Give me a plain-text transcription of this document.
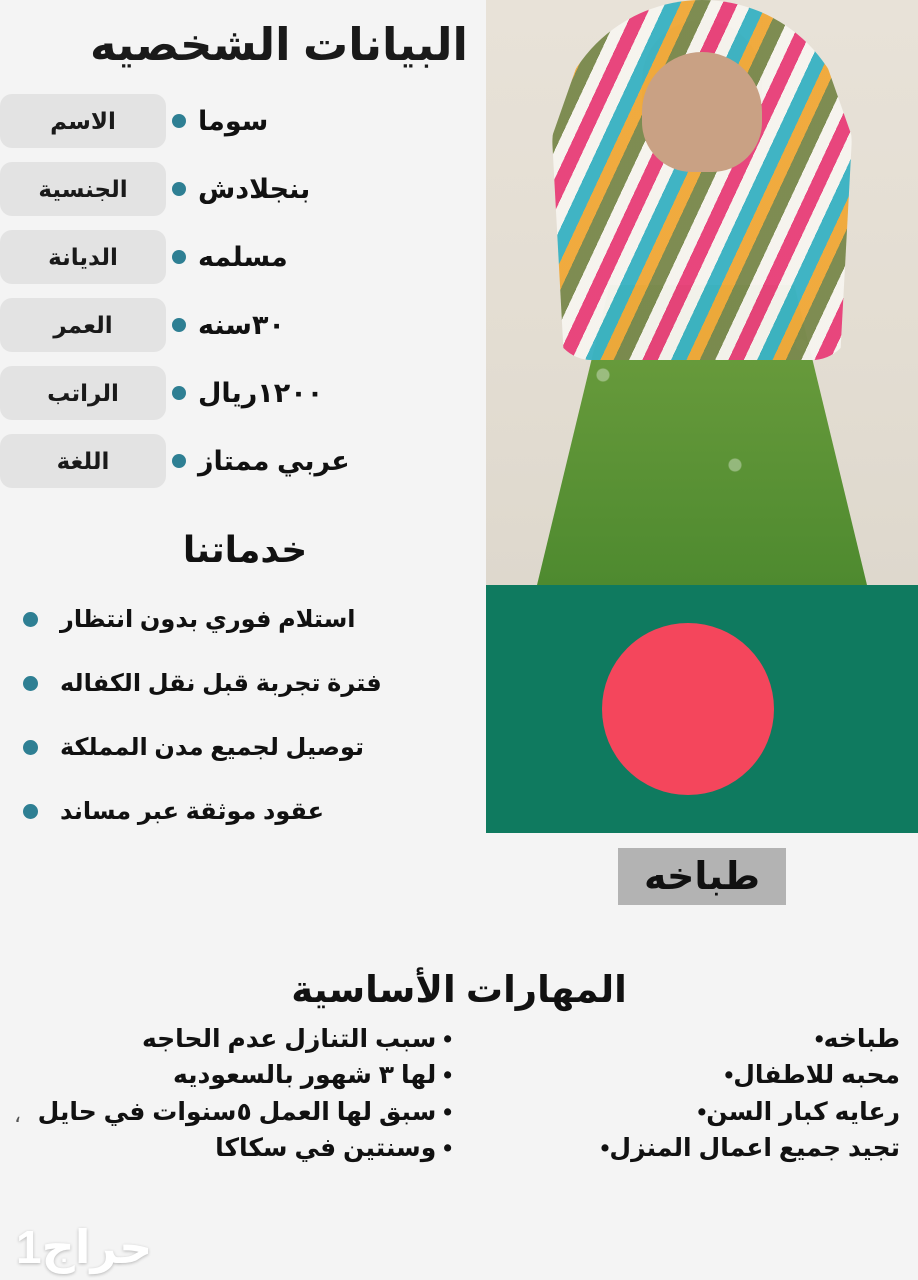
البيانات الشخصيه
الاسم	سوما
الجنسية	بنجلادش
الديانة	مسلمه
العمر	٣٠سنه
الراتب	١٢٠٠ريال
اللغة	عربي ممتاز
خدماتنا
استلام فوري بدون انتظار
فترة تجربة قبل نقل الكفاله
توصيل لجميع مدن المملكة
عقود موثقة عبر مساند
طباخه
المهارات الأساسية
طباخه•
محبه للاطفال•
رعايه كبار السن•
تجيد جميع اعمال المنزل•
• سبب التنازل عدم الحاجه
• لها ٣ شهور بالسعوديه
• سبق لها العمل ٥سنوات في حايل
• وسنتين في سكاكا
،
حراج1
